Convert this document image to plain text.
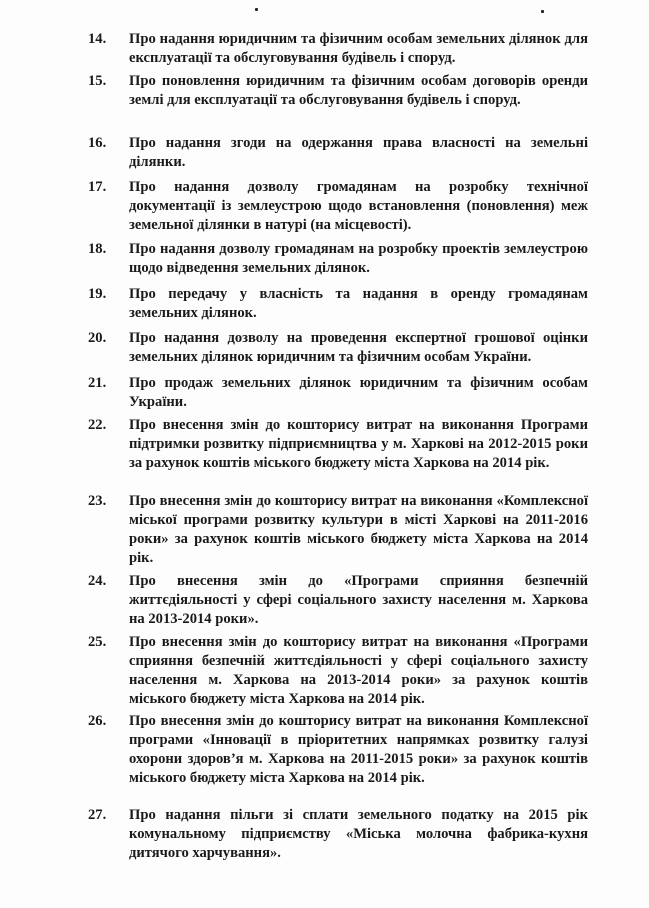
14.	Про надання юридичним та фізичним особам земельних ділянок для експлуатації та обслуговування будівель і споруд.
15.	Про поновлення юридичним та фізичним особам договорів оренди землі для експлуатації та обслуговування будівель і споруд.
16.	Про надання згоди на одержання права власності на земельні ділянки.
17.	Про надання дозволу громадянам на розробку технічної документації із землеустрою щодо встановлення (поновлення) меж земельної ділянки в натурі (на місцевості).
18.	Про надання дозволу громадянам на розробку проектів землеустрою щодо відведення земельних ділянок.
19.	Про передачу у власність та надання в оренду громадянам земельних ділянок.
20.	Про надання дозволу на проведення експертної грошової оцінки земельних ділянок юридичним та фізичним особам України.
21.	Про продаж земельних ділянок юридичним та фізичним особам України.
22.	Про внесення змін до кошторису витрат на виконання Програми підтримки розвитку підприємництва у м. Харкові на 2012-2015 роки за рахунок коштів міського бюджету міста Харкова на 2014 рік.
23.	Про внесення змін до кошторису витрат на виконання «Комплексної міської програми розвитку культури в місті Харкові на 2011-2016 роки» за рахунок коштів міського бюджету міста Харкова на 2014 рік.
24.	Про внесення змін до «Програми сприяння безпечній життєдіяльності у сфері соціального захисту населення м. Харкова на 2013-2014 роки».
25.	Про внесення змін до кошторису витрат на виконання «Програми сприяння безпечній життєдіяльності у сфері соціального захисту населення м. Харкова на 2013-2014 роки» за рахунок коштів міського бюджету міста Харкова на 2014 рік.
26.	Про внесення змін до кошторису витрат на виконання Комплексної програми «Інновації в пріоритетних напрямках розвитку галузі охорони здоров’я м. Харкова на 2011-2015 роки» за рахунок коштів міського бюджету міста Харкова на 2014 рік.
27.	Про надання пільги зі сплати земельного податку на 2015 рік комунальному підприємству «Міська молочна фабрика-кухня дитячого харчування».
